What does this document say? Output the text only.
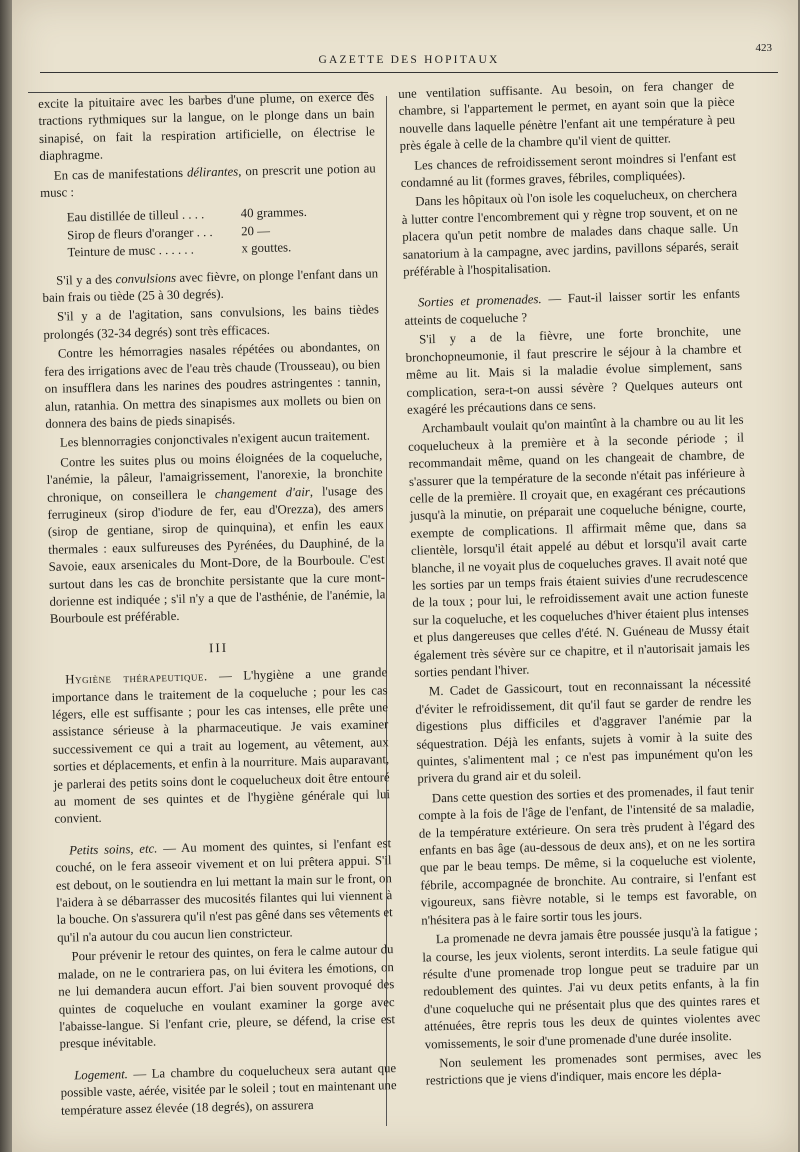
GAZETTE DES HOPITAUX
423

excite la pituitaire avec les barbes d'une plume, on exerce des tractions rythmiques sur la langue, on le plonge dans un bain sinapisé, on fait la respiration artificielle, on électrise le diaphragme.

En cas de manifestations délirantes, on prescrit une potion au musc :

Eau distillée de tilleul . . . .	40 grammes.
Sirop de fleurs d'oranger . . .	20 —
Teinture de musc . . . . . .	x gouttes.

S'il y a des convulsions avec fièvre, on plonge l'enfant dans un bain frais ou tiède (25 à 30 degrés).

S'il y a de l'agitation, sans convulsions, les bains tièdes prolongés (32-34 degrés) sont très efficaces.

Contre les hémorragies nasales répétées ou abondantes, on fera des irrigations avec de l'eau très chaude (Trousseau), ou bien on insufflera dans les narines des poudres astringentes : tannin, alun, ratanhia. On mettra des sinapismes aux mollets ou bien on donnera des bains de pieds sinapisés.

Les blennorragies conjonctivales n'exigent aucun traitement.

Contre les suites plus ou moins éloignées de la coqueluche, l'anémie, la pâleur, l'amaigrissement, l'anorexie, la bronchite chronique, on conseillera le changement d'air, l'usage des ferrugineux (sirop d'iodure de fer, eau d'Orezza), des amers (sirop de gentiane, sirop de quinquina), et enfin les eaux thermales : eaux sulfureuses des Pyrénées, du Dauphiné, de la Savoie, eaux arsenicales du Mont-Dore, de la Bourboule. C'est surtout dans les cas de bronchite persistante que la cure mont-dorienne est indiquée ; s'il n'y a que de l'asthénie, de l'anémie, la Bourboule est préférable.

III

Hygiène thérapeutique. — L'hygiène a une grande importance dans le traitement de la coqueluche ; pour les cas légers, elle est suffisante ; pour les cas intenses, elle prête une assistance sérieuse à la pharmaceutique. Je vais examiner successivement ce qui a trait au logement, au vêtement, aux sorties et déplacements, et enfin à la nourriture. Mais auparavant, je parlerai des petits soins dont le coquelucheux doit être entouré au moment de ses quintes et de l'hygiène générale qui lui convient.

Petits soins, etc. — Au moment des quintes, si l'enfant est couché, on le fera asseoir vivement et on lui prêtera appui. S'il est debout, on le soutiendra en lui mettant la main sur le front, on l'aidera à se débarrasser des mucosités filantes qui lui viennent à la bouche. On s'assurera qu'il n'est pas gêné dans ses vêtements et qu'il n'a autour du cou aucun lien constricteur.

Pour prévenir le retour des quintes, on fera le calme autour du malade, on ne le contrariera pas, on lui évitera les émotions, on ne lui demandera aucun effort. J'ai bien souvent provoqué des quintes de coqueluche en voulant examiner la gorge avec l'abaisse-langue. Si l'enfant crie, pleure, se défend, la crise est presque inévitable.

Logement. — La chambre du coquelucheux sera autant que possible vaste, aérée, visitée par le soleil ; tout en maintenant une température assez élevée (18 degrés), on assurera

une ventilation suffisante. Au besoin, on fera changer de chambre, si l'appartement le permet, en ayant soin que la pièce nouvelle dans laquelle pénètre l'enfant ait une température à peu près égale à celle de la chambre qu'il vient de quitter.

Les chances de refroidissement seront moindres si l'enfant est condamné au lit (formes graves, fébriles, compliquées).

Dans les hôpitaux où l'on isole les coquelucheux, on cherchera à lutter contre l'encombrement qui y règne trop souvent, et on ne placera qu'un petit nombre de malades dans chaque salle. Un sanatorium à la campagne, avec jardins, pavillons séparés, serait préférable à l'hospitalisation.

Sorties et promenades. — Faut-il laisser sortir les enfants atteints de coqueluche ?

S'il y a de la fièvre, une forte bronchite, une bronchopneumonie, il faut prescrire le séjour à la chambre et même au lit. Mais si la maladie évolue simplement, sans complication, sera-t-on aussi sévère ? Quelques auteurs ont exagéré les précautions dans ce sens.

Archambault voulait qu'on maintînt à la chambre ou au lit les coquelucheux à la première et à la seconde période ; il recommandait même, quand on les changeait de chambre, de s'assurer que la température de la seconde n'était pas inférieure à celle de la première. Il croyait que, en exagérant ces précautions jusqu'à la minutie, on préparait une coqueluche bénigne, courte, exempte de complications. Il affirmait même que, dans sa clientèle, lorsqu'il était appelé au début et lorsqu'il avait carte blanche, il ne voyait plus de coqueluches graves. Il avait noté que les sorties par un temps frais étaient suivies d'une recrudescence de la toux ; pour lui, le refroidissement avait une action funeste sur la coqueluche, et les coqueluches d'hiver étaient plus intenses et plus dangereuses que celles d'été. N. Guéneau de Mussy était également très sévère sur ce chapitre, et il n'autorisait jamais les sorties pendant l'hiver.

M. Cadet de Gassicourt, tout en reconnaissant la nécessité d'éviter le refroidissement, dit qu'il faut se garder de rendre les digestions plus difficiles et d'aggraver l'anémie par la séquestration. Déjà les enfants, sujets à vomir à la suite des quintes, s'alimentent mal ; ce n'est pas impunément qu'on les privera du grand air et du soleil.

Dans cette question des sorties et des promenades, il faut tenir compte à la fois de l'âge de l'enfant, de l'intensité de sa maladie, de la température extérieure. On sera très prudent à l'égard des enfants en bas âge (au-dessous de deux ans), et on ne les sortira que par le beau temps. De même, si la coqueluche est violente, fébrile, accompagnée de bronchite. Au contraire, si l'enfant est vigoureux, sans fièvre notable, si le temps est favorable, on n'hésitera pas à le faire sortir tous les jours.

La promenade ne devra jamais être poussée jusqu'à la fatigue ; la course, les jeux violents, seront interdits. La seule fatigue qui résulte d'une promenade trop longue peut se traduire par un redoublement des quintes. J'ai vu deux petits enfants, à la fin d'une coqueluche qui ne présentait plus que des quintes rares et atténuées, être repris tous les deux de quintes violentes avec vomissements, le soir d'une promenade d'une durée insolite.

Non seulement les promenades sont permises, avec les restrictions que je viens d'indiquer, mais encore les dépla-
